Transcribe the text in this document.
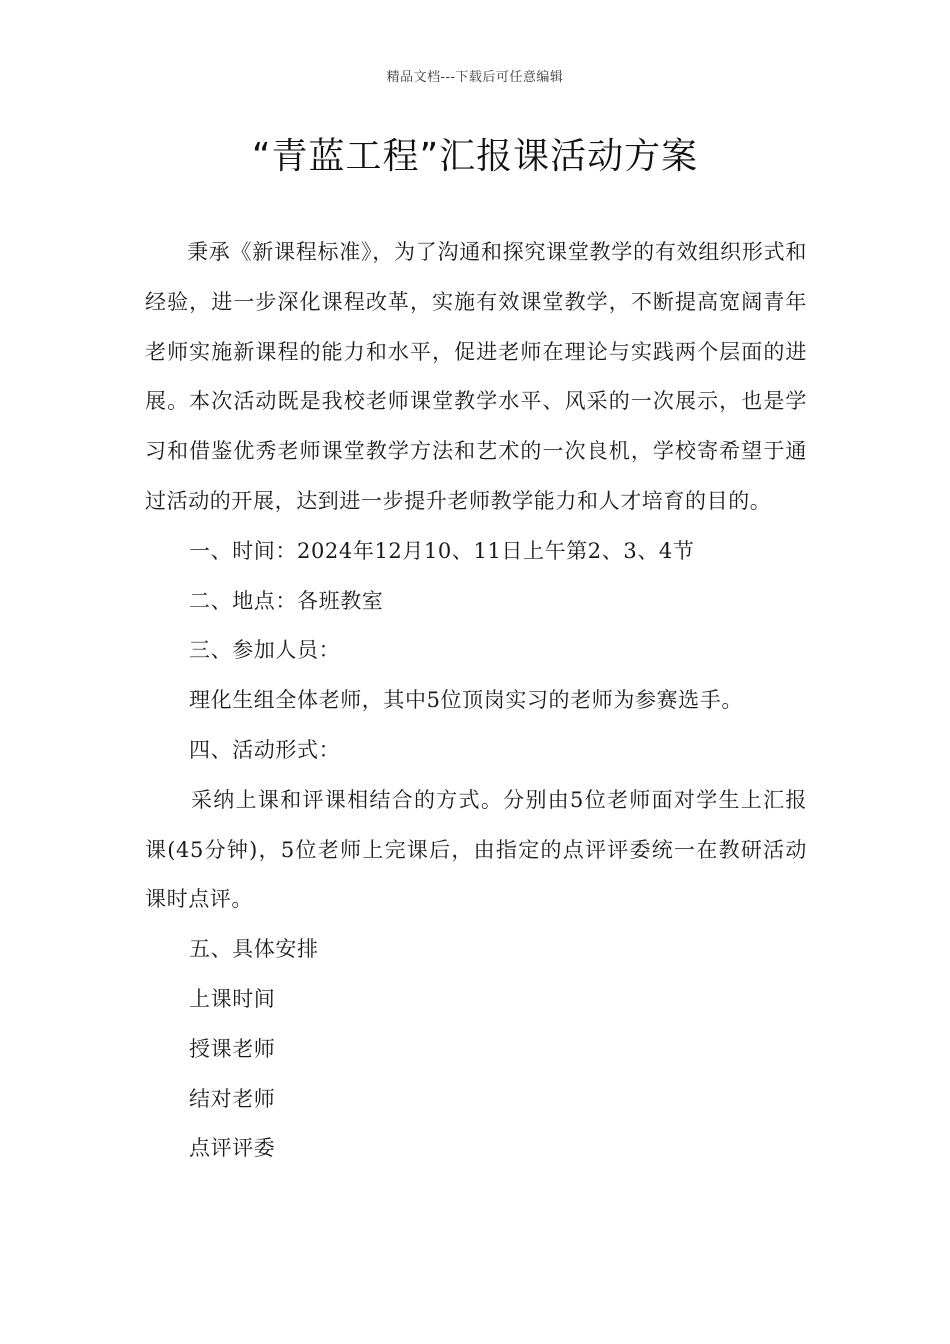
精品文档---下载后可任意编辑
“青蓝工程”汇报课活动方案

秉承《新课程标准》，为了沟通和探究课堂教学的有效组织形式和经验，进一步深化课程改革，实施有效课堂教学，不断提高宽阔青年老师实施新课程的能力和水平，促进老师在理论与实践两个层面的进展。本次活动既是我校老师课堂教学水平、风采的一次展示，也是学习和借鉴优秀老师课堂教学方法和艺术的一次良机，学校寄希望于通过活动的开展，达到进一步提升老师教学能力和人才培育的目的。

一、时间：2024年12月10、11日上午第2、3、4节

二、地点：各班教室

三、参加人员：

理化生组全体老师，其中5位顶岗实习的老师为参赛选手。

四、活动形式：

采纳上课和评课相结合的方式。分别由5位老师面对学生上汇报课(45分钟)，5位老师上完课后，由指定的点评评委统一在教研活动课时点评。

五、具体安排

上课时间

授课老师

结对老师

点评评委
